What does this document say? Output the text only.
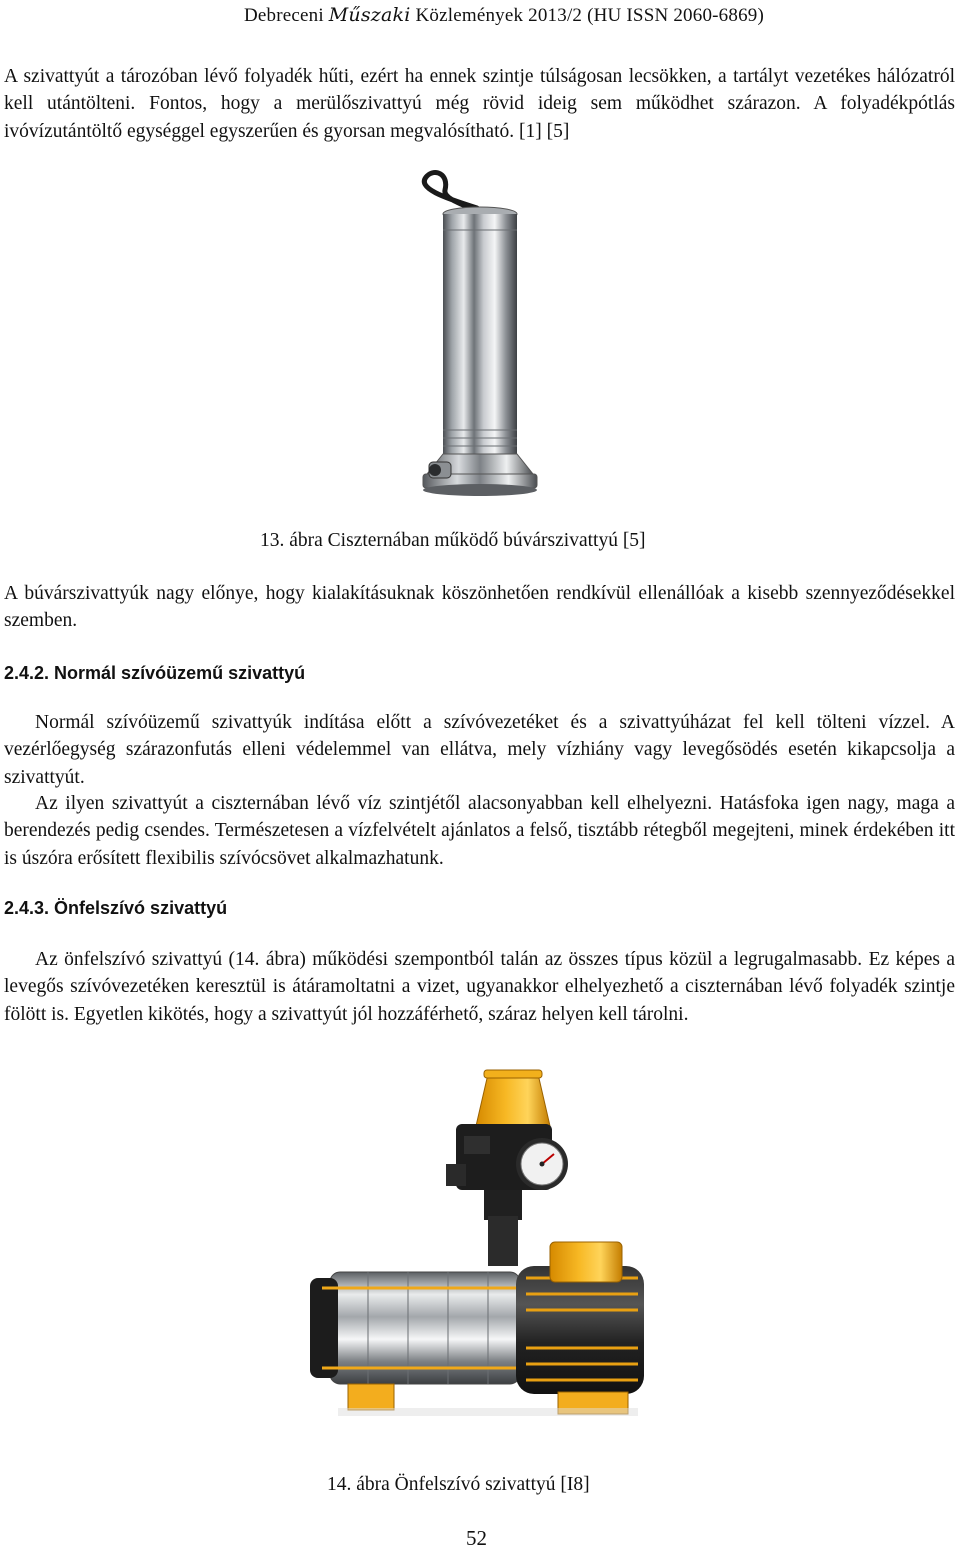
Debreceni Műszaki Közlemények 2013/2 (HU ISSN 2060-6869)

A szivattyút a tározóban lévő folyadék hűti, ezért ha ennek szintje túlságosan lecsökken, a tartályt vezetékes hálózatról kell utántölteni. Fontos, hogy a merülőszivattyú még rövid ideig sem működhet szárazon. A folyadékpótlás ivóvízutántöltő egységgel egyszerűen és gyorsan megvalósítható. [1] [5]

13. ábra Ciszternában működő búvárszivattyú [5]

A búvárszivattyúk nagy előnye, hogy kialakításuknak köszönhetően rendkívül ellenállóak a kisebb szennyeződésekkel szemben.

2.4.2. Normál szívóüzemű szivattyú

Normál szívóüzemű szivattyúk indítása előtt a szívóvezetéket és a szivattyúházat fel kell tölteni vízzel. A vezérlőegység szárazonfutás elleni védelemmel van ellátva, mely vízhiány vagy levegősödés esetén kikapcsolja a szivattyút.

Az ilyen szivattyút a ciszternában lévő víz szintjétől alacsonyabban kell elhelyezni. Hatásfoka igen nagy, maga a berendezés pedig csendes. Természetesen a vízfelvételt ajánlatos a felső, tisztább rétegből megejteni, minek érdekében itt is úszóra erősített flexibilis szívócsövet alkalmazhatunk.

2.4.3. Önfelszívó szivattyú

Az önfelszívó szivattyú (14. ábra) működési szempontból talán az összes típus közül a legrugalmasabb. Ez képes a levegős szívóvezetéken keresztül is átáramoltatni a vizet, ugyanakkor elhelyezhető a ciszternában lévő folyadék szintje fölött is. Egyetlen kikötés, hogy a szivattyút jól hozzáférhető, száraz helyen kell tárolni.

14. ábra Önfelszívó szivattyú [I8]
52
